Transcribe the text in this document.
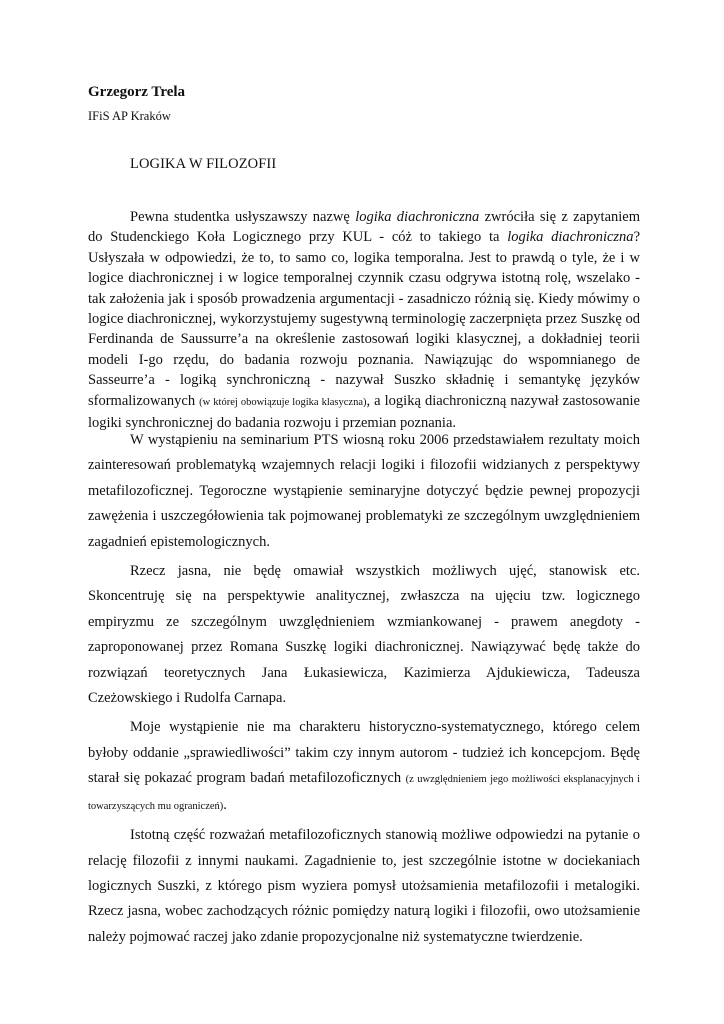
Grzegorz Trela

IFiS AP Kraków

LOGIKA W FILOZOFII

Pewna studentka usłyszawszy nazwę logika diachroniczna zwróciła się z zapytaniem do Studenckiego Koła Logicznego przy KUL - cóż to takiego ta logika diachroniczna? Usłyszała w odpowiedzi, że to, to samo co, logika temporalna. Jest to prawdą o tyle, że i w logice diachronicznej i w logice temporalnej czynnik czasu odgrywa istotną rolę, wszelako - tak założenia jak i sposób prowadzenia argumentacji - zasadniczo różnią się. Kiedy mówimy o logice diachronicznej, wykorzystujemy sugestywną terminologię zaczerpnięta przez Suszkę od Ferdinanda de Saussurre’a na określenie zastosowań logiki klasycznej, a dokładniej teorii modeli I-go rzędu, do badania rozwoju poznania. Nawiązując do wspomnianego de Sasseurre’a - logiką synchroniczną - nazywał Suszko składnię i semantykę języków sformalizowanych (w której obowiązuje logika klasyczna), a logiką diachroniczną nazywał zastosowanie logiki synchronicznej do badania rozwoju i przemian poznania.

W wystąpieniu na seminarium PTS wiosną roku 2006 przedstawiałem rezultaty moich zainteresowań problematyką wzajemnych relacji logiki i filozofii widzianych z perspektywy metafilozoficznej. Tegoroczne wystąpienie seminaryjne dotyczyć będzie pewnej propozycji zawężenia i uszczegółowienia tak pojmowanej problematyki ze szczególnym uwzględnieniem zagadnień epistemologicznych.

Rzecz jasna, nie będę omawiał wszystkich możliwych ujęć, stanowisk etc. Skoncentruję się na perspektywie analitycznej, zwłaszcza na ujęciu tzw. logicznego empiryzmu ze szczególnym uwzględnieniem wzmiankowanej - prawem anegdoty - zaproponowanej przez Romana Suszkę logiki diachronicznej. Nawiązywać będę także do rozwiązań teoretycznych Jana Łukasiewicza, Kazimierza Ajdukiewicza, Tadeusza Czeżowskiego i Rudolfa Carnapa.

Moje wystąpienie nie ma charakteru historyczno-systematycznego, którego celem byłoby oddanie „sprawiedliwości” takim czy innym autorom - tudzież ich koncepcjom. Będę starał się pokazać program badań metafilozoficznych (z uwzględnieniem jego możliwości eksplanacyjnych i towarzyszących mu ograniczeń).

Istotną część rozważań metafilozoficznych stanowią możliwe odpowiedzi na pytanie o relację filozofii z innymi naukami. Zagadnienie to, jest szczególnie istotne w dociekaniach logicznych Suszki, z którego pism wyziera pomysł utożsamienia metafilozofii i metalogiki. Rzecz jasna, wobec zachodzących różnic pomiędzy naturą logiki i filozofii, owo utożsamienie należy pojmować raczej jako zdanie propozycjonalne niż systematyczne twierdzenie.
